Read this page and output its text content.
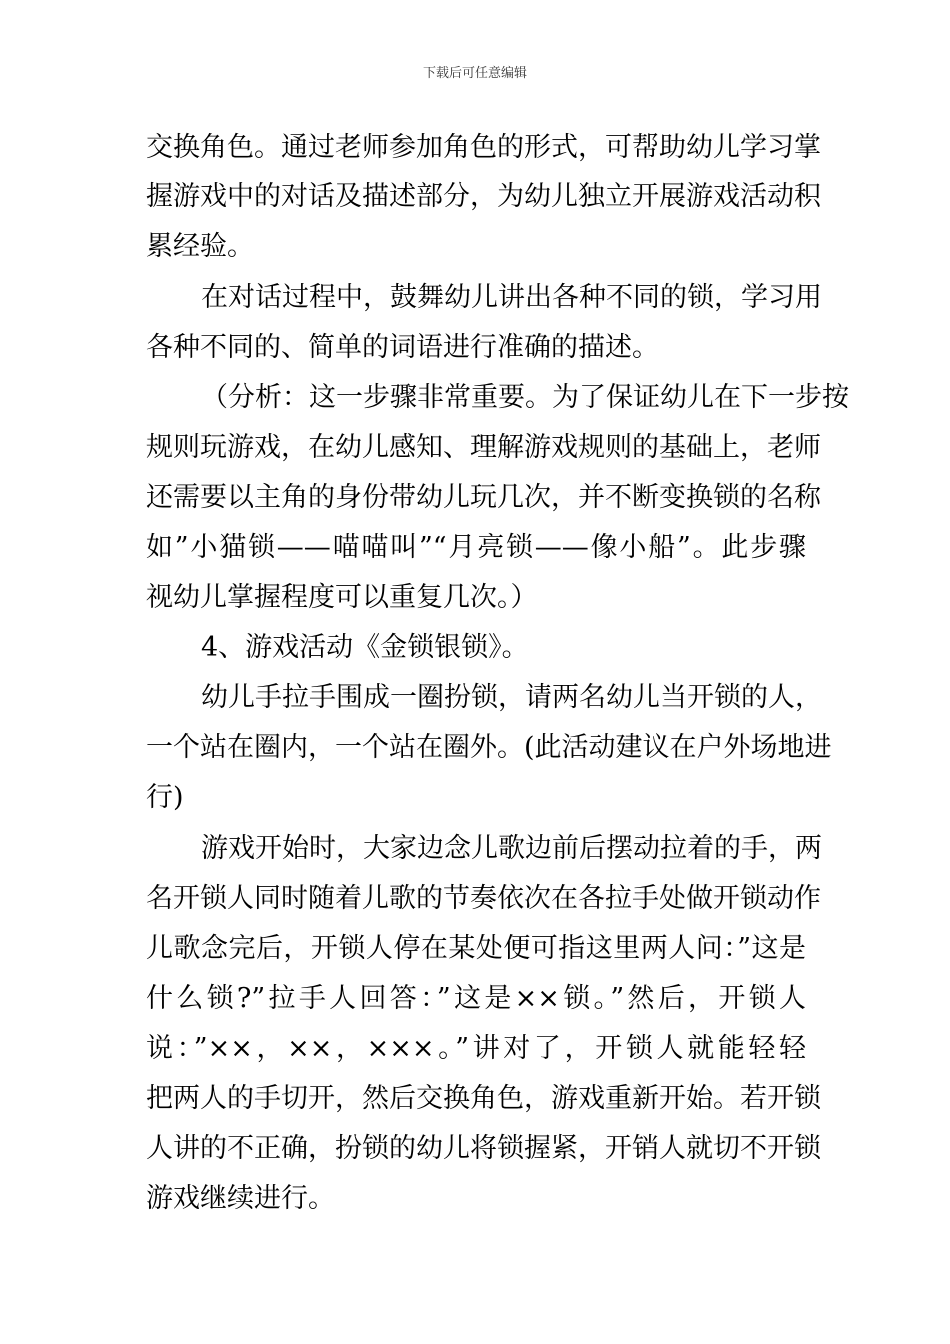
下载后可任意编辑
交换角色。通过老师参加角色的形式，可帮助幼儿学习掌
握游戏中的对话及描述部分，为幼儿独立开展游戏活动积
累经验。
在对话过程中，鼓舞幼儿讲出各种不同的锁，学习用
各种不同的、简单的词语进行准确的描述。
（分析：这一步骤非常重要。为了保证幼儿在下一步按
规则玩游戏，在幼儿感知、理解游戏规则的基础上，老师
还需要以主角的身份带幼儿玩几次，并不断变换锁的名称
如”小猫锁——喵喵叫”“月亮锁——像小船”。此步骤
视幼儿掌握程度可以重复几次。）
4、游戏活动《金锁银锁》。
幼儿手拉手围成一圈扮锁，请两名幼儿当开锁的人，
一个站在圈内，一个站在圈外。(此活动建议在户外场地进
行)
游戏开始时，大家边念儿歌边前后摆动拉着的手，两
名开锁人同时随着儿歌的节奏依次在各拉手处做开锁动作
儿歌念完后，开锁人停在某处便可指这里两人问：”这是
什么锁?”拉手人回答：”这是××锁。”然后，开锁人
说：”××，××，×××。”讲对了，开锁人就能轻轻
把两人的手切开，然后交换角色，游戏重新开始。若开锁
人讲的不正确，扮锁的幼儿将锁握紧，开销人就切不开锁
游戏继续进行。
